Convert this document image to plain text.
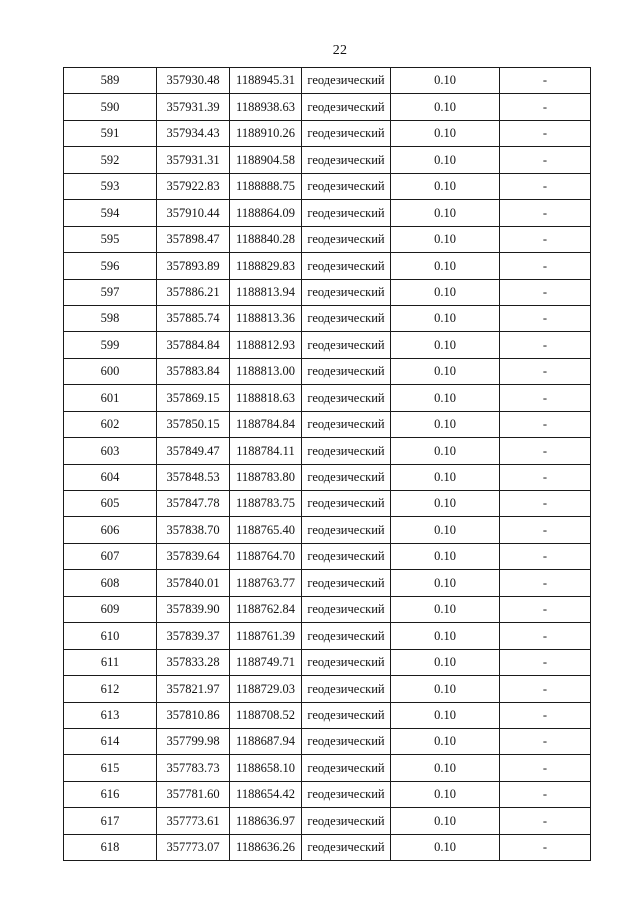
22
589	357930.48	1188945.31	геодезический	0.10	-
590	357931.39	1188938.63	геодезический	0.10	-
591	357934.43	1188910.26	геодезический	0.10	-
592	357931.31	1188904.58	геодезический	0.10	-
593	357922.83	1188888.75	геодезический	0.10	-
594	357910.44	1188864.09	геодезический	0.10	-
595	357898.47	1188840.28	геодезический	0.10	-
596	357893.89	1188829.83	геодезический	0.10	-
597	357886.21	1188813.94	геодезический	0.10	-
598	357885.74	1188813.36	геодезический	0.10	-
599	357884.84	1188812.93	геодезический	0.10	-
600	357883.84	1188813.00	геодезический	0.10	-
601	357869.15	1188818.63	геодезический	0.10	-
602	357850.15	1188784.84	геодезический	0.10	-
603	357849.47	1188784.11	геодезический	0.10	-
604	357848.53	1188783.80	геодезический	0.10	-
605	357847.78	1188783.75	геодезический	0.10	-
606	357838.70	1188765.40	геодезический	0.10	-
607	357839.64	1188764.70	геодезический	0.10	-
608	357840.01	1188763.77	геодезический	0.10	-
609	357839.90	1188762.84	геодезический	0.10	-
610	357839.37	1188761.39	геодезический	0.10	-
611	357833.28	1188749.71	геодезический	0.10	-
612	357821.97	1188729.03	геодезический	0.10	-
613	357810.86	1188708.52	геодезический	0.10	-
614	357799.98	1188687.94	геодезический	0.10	-
615	357783.73	1188658.10	геодезический	0.10	-
616	357781.60	1188654.42	геодезический	0.10	-
617	357773.61	1188636.97	геодезический	0.10	-
618	357773.07	1188636.26	геодезический	0.10	-
